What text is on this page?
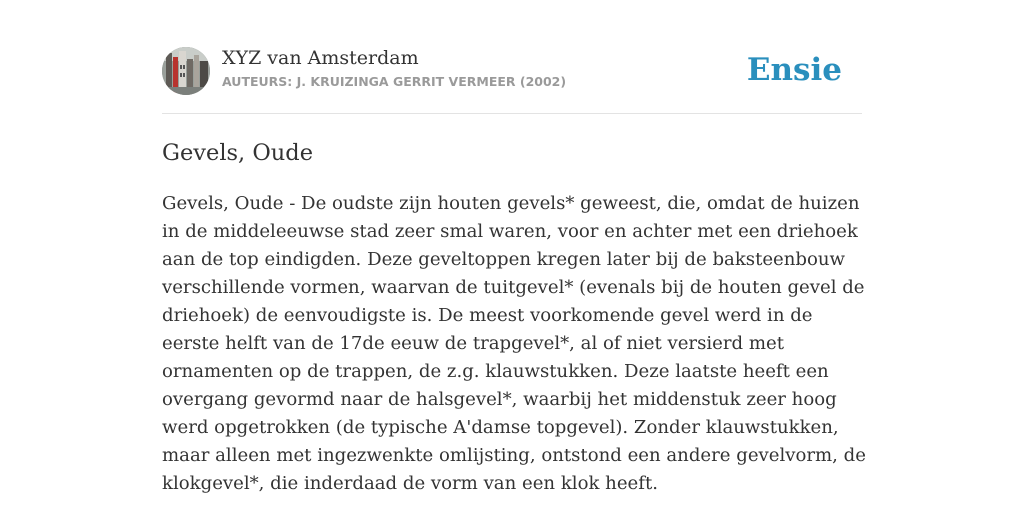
XYZ van Amsterdam
AUTEURS: J. KRUIZINGA GERRIT VERMEER (2002)	Ensie
Gevels, Oude

Gevels, Oude - De oudste zijn houten gevels* geweest, die, omdat de huizen in de middeleeuwse stad zeer smal waren, voor en achter met een driehoek aan de top eindigden. Deze geveltoppen kregen later bij de baksteenbouw verschillende vormen, waarvan de tuitgevel* (evenals bij de houten gevel de driehoek) de eenvoudigste is. De meest voorkomende gevel werd in de eerste helft van de 17de eeuw de trapgevel*, al of niet versierd met ornamenten op de trappen, de z.g. klauwstukken. Deze laatste heeft een overgang gevormd naar de halsgevel*, waarbij het middenstuk zeer hoog werd opgetrokken (de typische A'damse topgevel). Zonder klauwstukken, maar alleen met ingezwenkte omlijsting, ontstond een andere gevelvorm, de klokgevel*, die inderdaad de vorm van een klok heeft.
